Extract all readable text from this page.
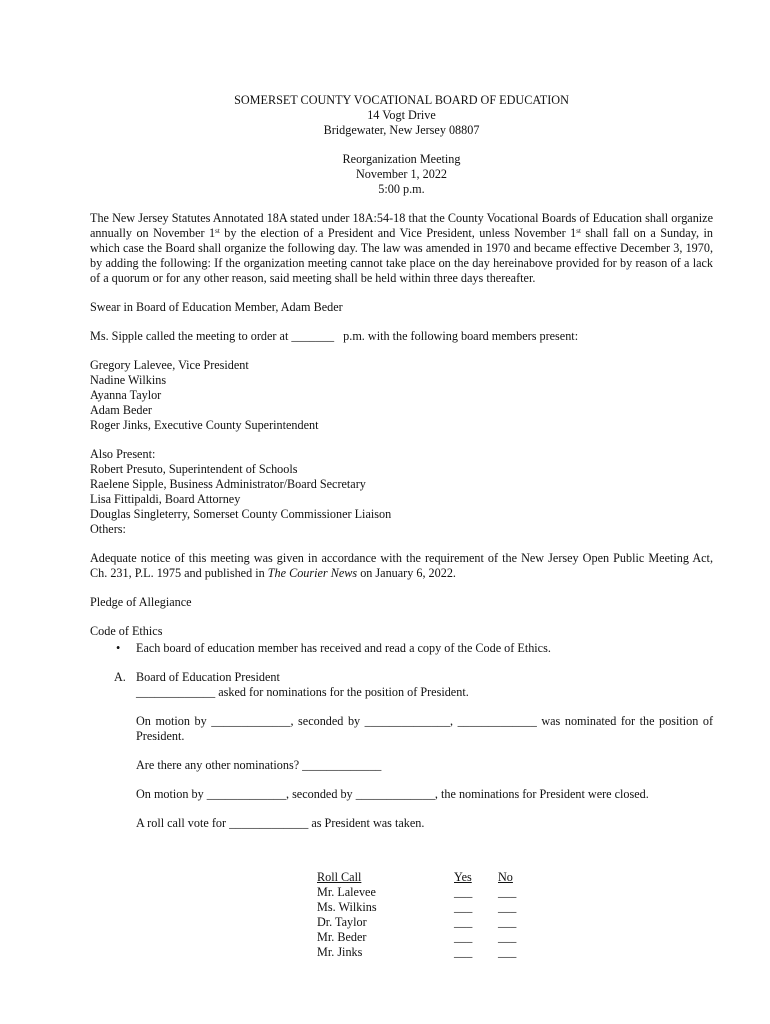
SOMERSET COUNTY VOCATIONAL BOARD OF EDUCATION
14 Vogt Drive
Bridgewater, New Jersey 08807
Reorganization Meeting
November 1, 2022
5:00 p.m.
The New Jersey Statutes Annotated 18A stated under 18A:54-18 that the County Vocational Boards of Education shall organize annually on November 1st by the election of a President and Vice President, unless November 1st shall fall on a Sunday, in which case the Board shall organize the following day. The law was amended in 1970 and became effective December 3, 1970, by adding the following: If the organization meeting cannot take place on the day hereinabove provided for by reason of a lack of a quorum or for any other reason, said meeting shall be held within three days thereafter.
Swear in Board of Education Member, Adam Beder
Ms. Sipple called the meeting to order at _______   p.m. with the following board members present:
Gregory Lalevee, Vice President
Nadine Wilkins
Ayanna Taylor
Adam Beder
Roger Jinks, Executive County Superintendent
Also Present:
Robert Presuto, Superintendent of Schools
Raelene Sipple, Business Administrator/Board Secretary
Lisa Fittipaldi, Board Attorney
Douglas Singleterry, Somerset County Commissioner Liaison
Others:
Adequate notice of this meeting was given in accordance with the requirement of the New Jersey Open Public Meeting Act, Ch. 231, P.L. 1975 and published in The Courier News on January 6, 2022.
Pledge of Allegiance
Code of Ethics
• Each board of education member has received and read a copy of the Code of Ethics.
A. Board of Education President
_____________ asked for nominations for the position of President.
On motion by _____________, seconded by ______________, _____________ was nominated for the position of President.
Are there any other nominations? _____________
On motion by _____________, seconded by _____________, the nominations for President were closed.
A roll call vote for _____________ as President was taken.
Roll Call	Yes	No
Mr. Lalevee	___	___
Ms. Wilkins	___	___
Dr. Taylor	___	___
Mr. Beder	___	___
Mr. Jinks	___	___
